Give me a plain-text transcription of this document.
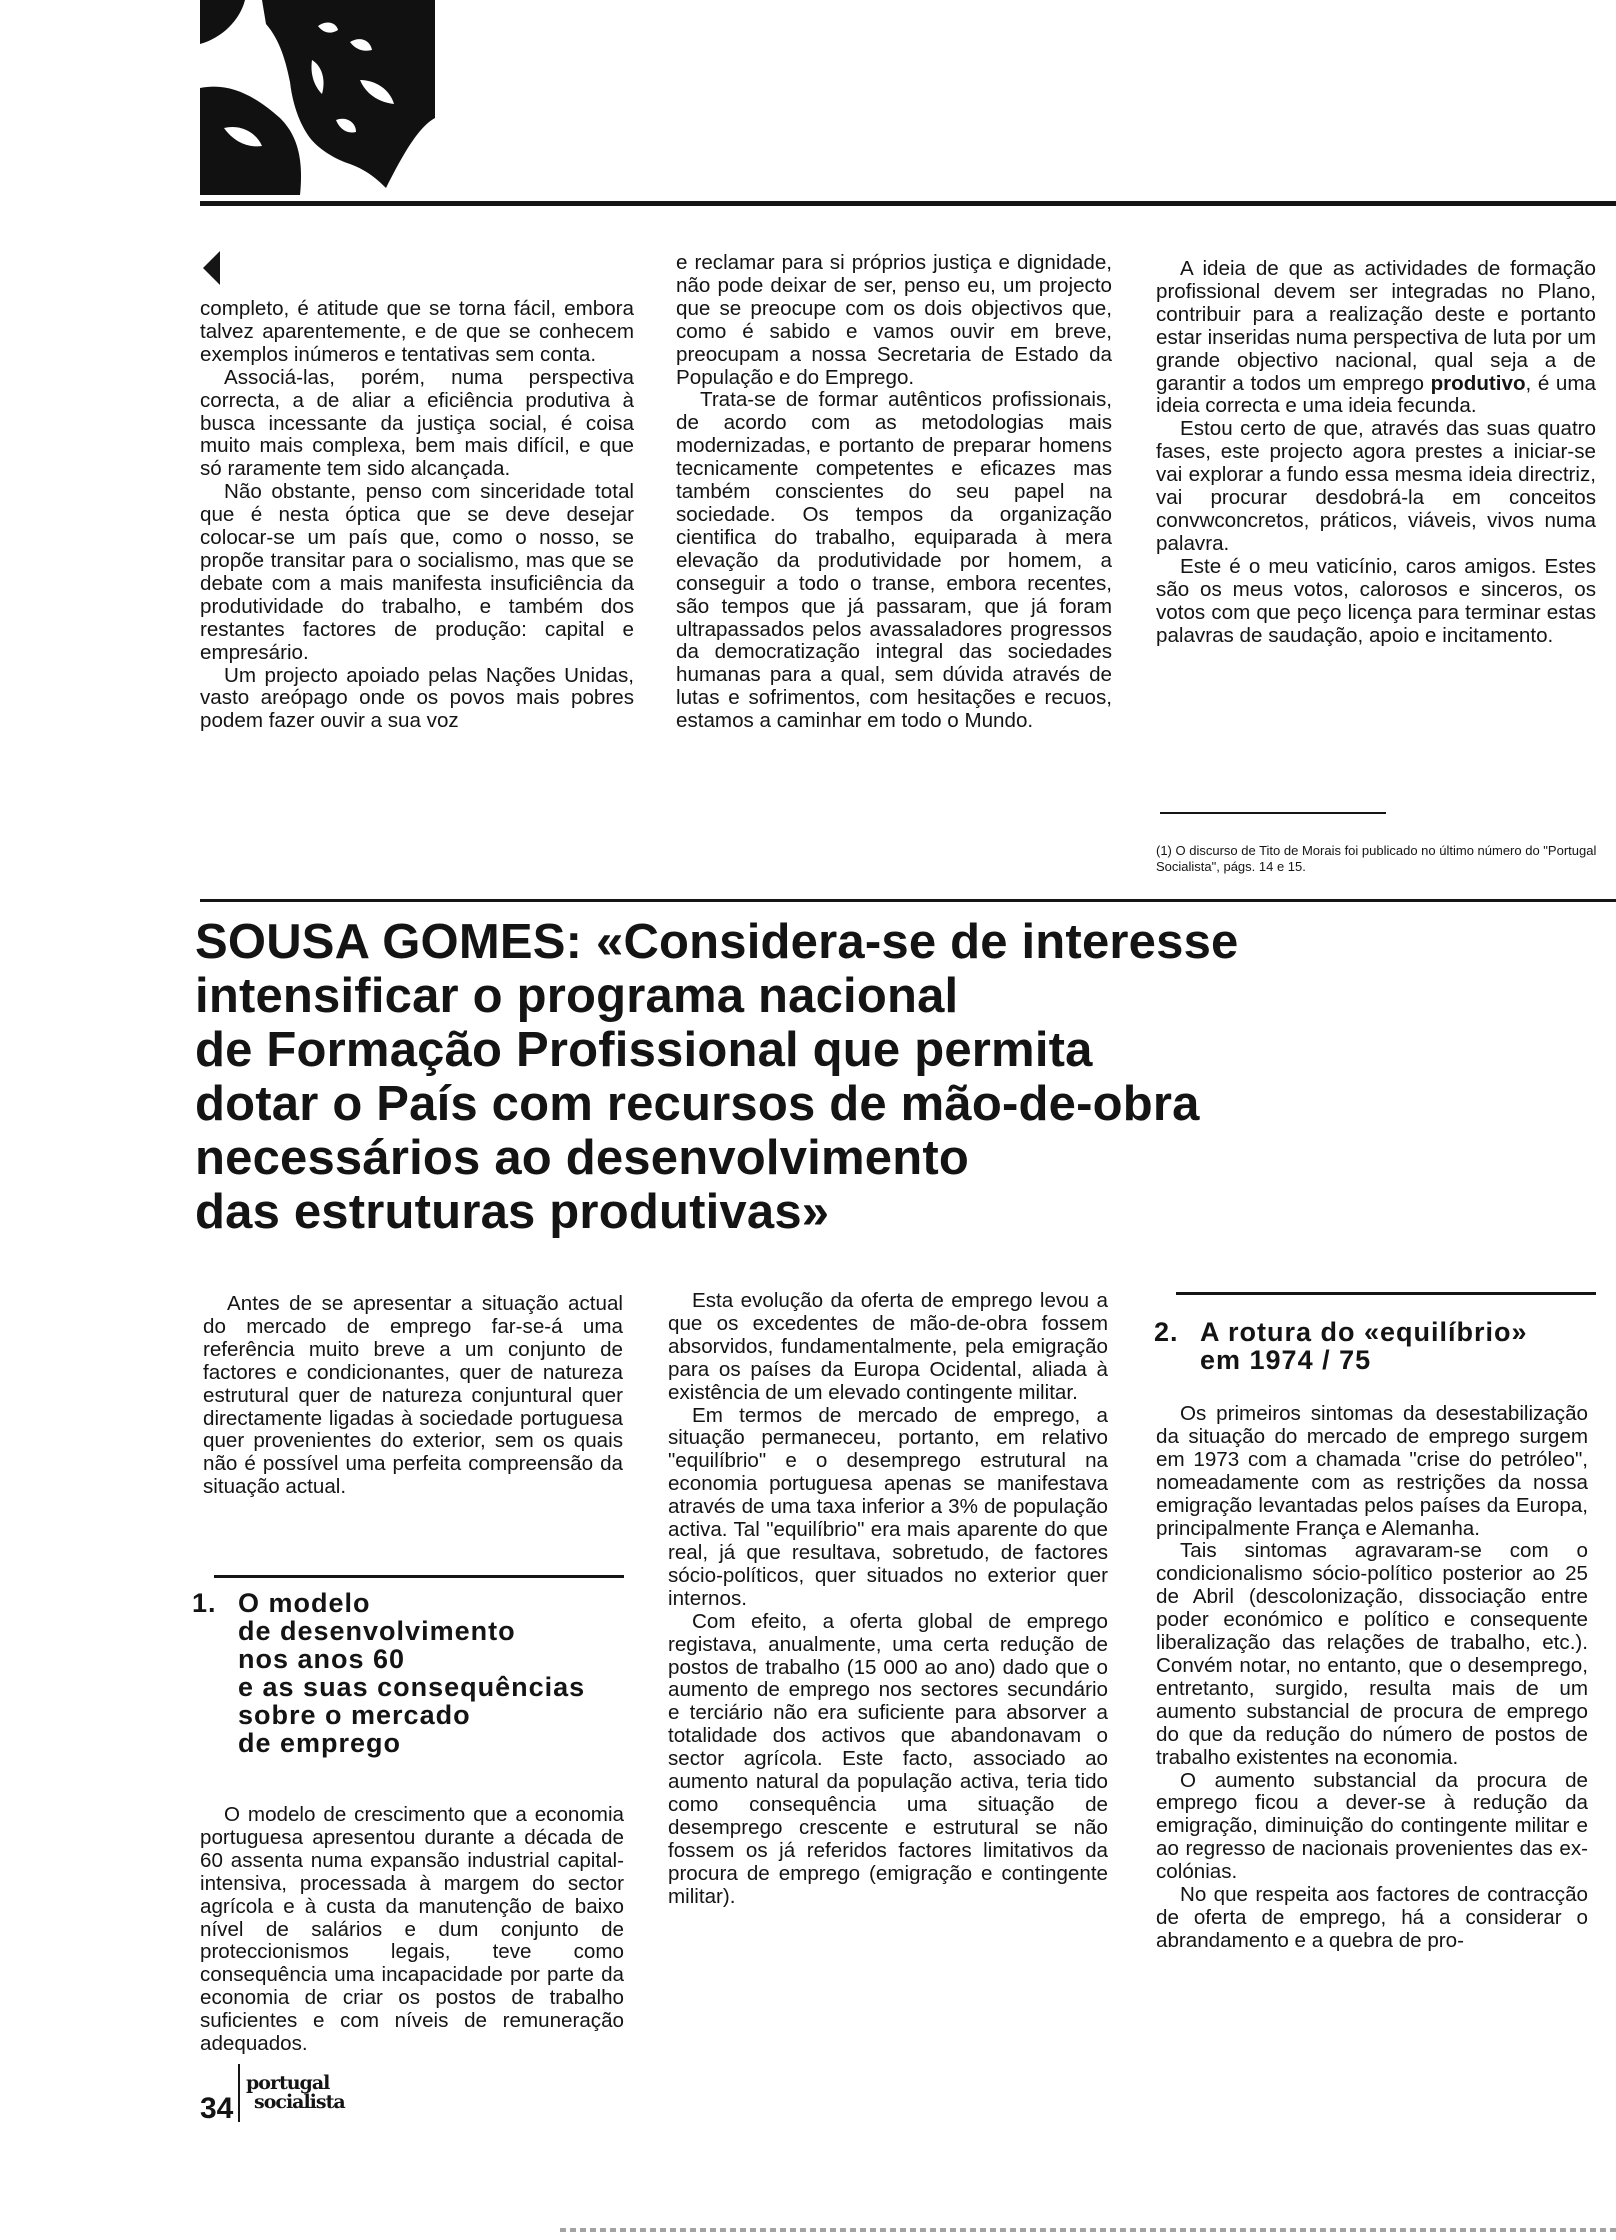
completo, é atitude que se torna fácil, embora talvez aparentemente, e de que se conhecem exemplos inúmeros e tentativas sem conta.

Associá-las, porém, numa perspectiva correcta, a de aliar a eficiência produtiva à busca incessante da justiça social, é coisa muito mais complexa, bem mais difícil, e que só raramente tem sido alcançada.

Não obstante, penso com sinceridade total que é nesta óptica que se deve desejar colocar-se um país que, como o nosso, se propõe transitar para o socialismo, mas que se debate com a mais manifesta insuficiência da produtividade do trabalho, e também dos restantes factores de produção: capital e empresário.

Um projecto apoiado pelas Nações Unidas, vasto areópago onde os povos mais pobres podem fazer ouvir a sua voz

e reclamar para si próprios justiça e dignidade, não pode deixar de ser, penso eu, um projecto que se preocupe com os dois objectivos que, como é sabido e vamos ouvir em breve, preocupam a nossa Secretaria de Estado da População e do Emprego.

Trata-se de formar autênticos profissionais, de acordo com as metodologias mais modernizadas, e portanto de preparar homens tecnicamente competentes e eficazes mas também conscientes do seu papel na sociedade. Os tempos da organização cientifica do trabalho, equiparada à mera elevação da produtividade por homem, a conseguir a todo o transe, embora recentes, são tempos que já passaram, que já foram ultrapassados pelos avassaladores progressos da democratização integral das sociedades humanas para a qual, sem dúvida através de lutas e sofrimentos, com hesitações e recuos, estamos a caminhar em todo o Mundo.

A ideia de que as actividades de formação profissional devem ser integradas no Plano, contribuir para a realização deste e portanto estar inseridas numa perspectiva de luta por um grande objectivo nacional, qual seja a de garantir a todos um emprego produtivo, é uma ideia correcta e uma ideia fecunda.

Estou certo de que, através das suas quatro fases, este projecto agora prestes a iniciar-se vai explorar a fundo essa mesma ideia directriz, vai procurar desdobrá-la em conceitos convwconcretos, práticos, viáveis, vivos numa palavra.

Este é o meu vaticínio, caros amigos. Estes são os meus votos, calorosos e sinceros, os votos com que peço licença para terminar estas palavras de saudação, apoio e incitamento.

(1) O discurso de Tito de Morais foi publicado no último número do "Portugal Socialista", págs. 14 e 15.
SOUSA GOMES: «Considera-se de interesse
intensificar o programa nacional
de Formação Profissional que permita
dotar o País com recursos de mão-de-obra
necessários ao desenvolvimento
das estruturas produtivas»

Antes de se apresentar a situação actual do mercado de emprego far-se-á uma referência muito breve a um conjunto de factores e condicionantes, quer de natureza estrutural quer de natureza conjuntural quer directamente ligadas à sociedade portuguesa quer provenientes do exterior, sem os quais não é possível uma perfeita compreensão da situação actual.

1. O modelo
de desenvolvimento
nos anos 60
e as suas consequências
sobre o mercado
de emprego

O modelo de crescimento que a economia portuguesa apresentou durante a década de 60 assenta numa expansão industrial capital-intensiva, processada à margem do sector agrícola e à custa da manutenção de baixo nível de salários e dum conjunto de proteccionismos legais, teve como consequência uma incapacidade por parte da economia de criar os postos de trabalho suficientes e com níveis de remuneração adequados.

Esta evolução da oferta de emprego levou a que os excedentes de mão-de-obra fossem absorvidos, fundamentalmente, pela emigração para os países da Europa Ocidental, aliada à existência de um elevado contingente militar.

Em termos de mercado de emprego, a situação permaneceu, portanto, em relativo "equilíbrio" e o desemprego estrutural na economia portuguesa apenas se manifestava através de uma taxa inferior a 3% de população activa. Tal "equilíbrio" era mais aparente do que real, já que resultava, sobretudo, de factores sócio-políticos, quer situados no exterior quer internos.

Com efeito, a oferta global de emprego registava, anualmente, uma certa redução de postos de trabalho (15 000 ao ano) dado que o aumento de emprego nos sectores secundário e terciário não era suficiente para absorver a totalidade dos activos que abandonavam o sector agrícola. Este facto, associado ao aumento natural da população activa, teria tido como consequência uma situação de desemprego crescente e estrutural se não fossem os já referidos factores limitativos da procura de emprego (emigração e contingente militar).

2. A rotura do «equilíbrio»
em 1974 / 75

Os primeiros sintomas da desestabilização da situação do mercado de emprego surgem em 1973 com a chamada "crise do petróleo", nomeadamente com as restrições da nossa emigração levantadas pelos países da Europa, principalmente França e Alemanha.

Tais sintomas agravaram-se com o condicionalismo sócio-político posterior ao 25 de Abril (descolonização, dissociação entre poder económico e político e consequente liberalização das relações de trabalho, etc.). Convém notar, no entanto, que o desemprego, entretanto, surgido, resulta mais de um aumento substancial de procura de emprego do que da redução do número de postos de trabalho existentes na economia.

O aumento substancial da procura de emprego ficou a dever-se à redução da emigração, diminuição do contingente militar e ao regresso de nacionais provenientes das ex-colónias.

No que respeita aos factores de contracção de oferta de emprego, há a considerar o abrandamento e a quebra de pro-

34
portugal
socialista
